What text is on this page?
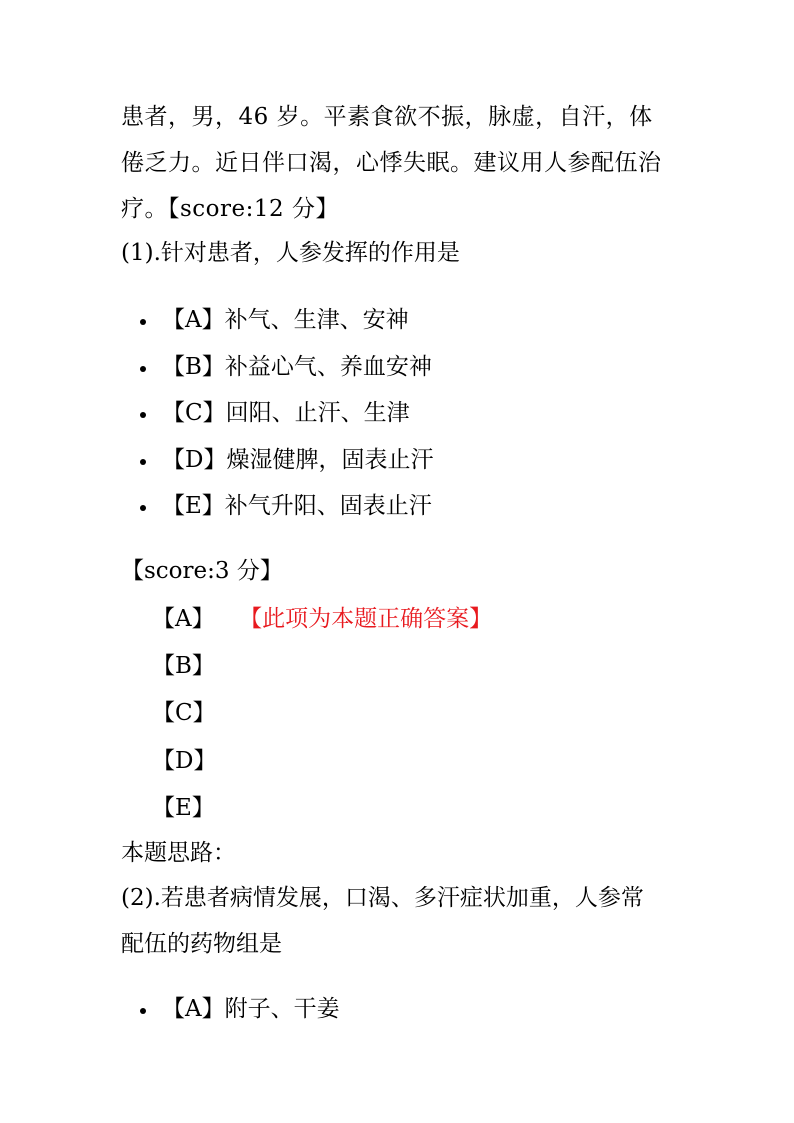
患者，男，46 岁。平素食欲不振，脉虚，自汗，体
倦乏力。近日伴口渴，心悸失眠。建议用人参配伍治
疗。【score:12 分】
(1).针对患者，人参发挥的作用是
【A】补气、生津、安神
【B】补益心气、养血安神
【C】回阳、止汗、生津
【D】燥湿健脾，固表止汗
【E】补气升阳、固表止汗
【score:3 分】
【A】 【此项为本题正确答案】
【B】
【C】
【D】
【E】
本题思路：
(2).若患者病情发展，口渴、多汗症状加重，人参常
配伍的药物组是
【A】附子、干姜
